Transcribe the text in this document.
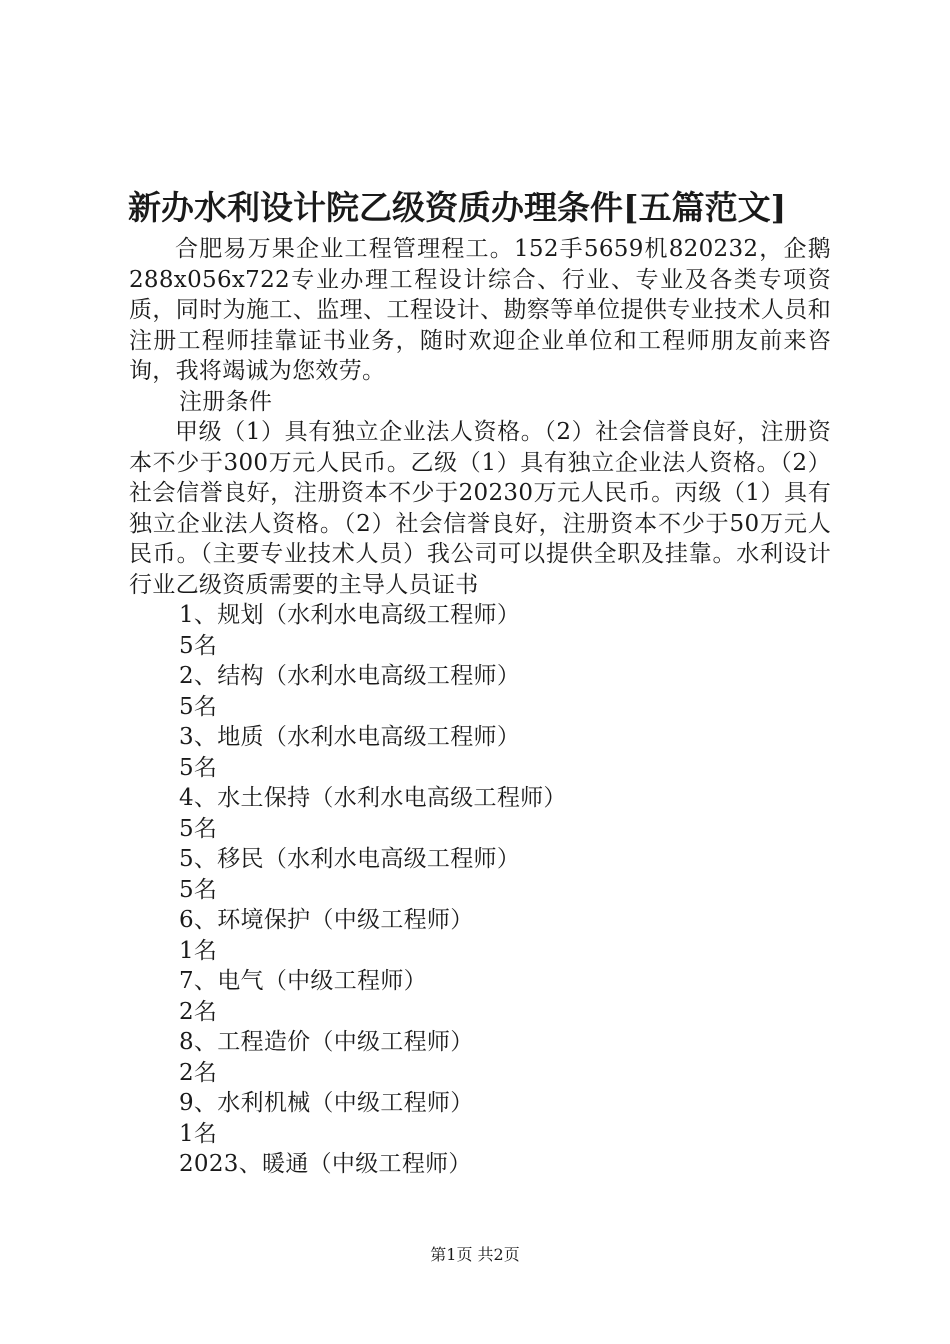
新办水利设计院乙级资质办理条件[五篇范文]

合肥易万果企业工程管理程工。152手5659机820232，企鹅288x056x722专业办理工程设计综合、行业、专业及各类专项资质，同时为施工、监理、工程设计、勘察等单位提供专业技术人员和注册工程师挂靠证书业务，随时欢迎企业单位和工程师朋友前来咨询，我将竭诚为您效劳。

注册条件

甲级（1）具有独立企业法人资格。（2）社会信誉良好，注册资本不少于300万元人民币。乙级（1）具有独立企业法人资格。（2）社会信誉良好，注册资本不少于20230万元人民币。丙级（1）具有独立企业法人资格。（2）社会信誉良好，注册资本不少于50万元人民币。（主要专业技术人员）我公司可以提供全职及挂靠。水利设计行业乙级资质需要的主导人员证书

1、规划（水利水电高级工程师）

5名

2、结构（水利水电高级工程师）

5名

3、地质（水利水电高级工程师）

5名

4、水土保持（水利水电高级工程师）

5名

5、移民（水利水电高级工程师）

5名

6、环境保护（中级工程师）

1名

7、电气（中级工程师）

2名

8、工程造价（中级工程师）

2名

9、水利机械（中级工程师）

1名

2023、暖通（中级工程师）

第1页 共2页
